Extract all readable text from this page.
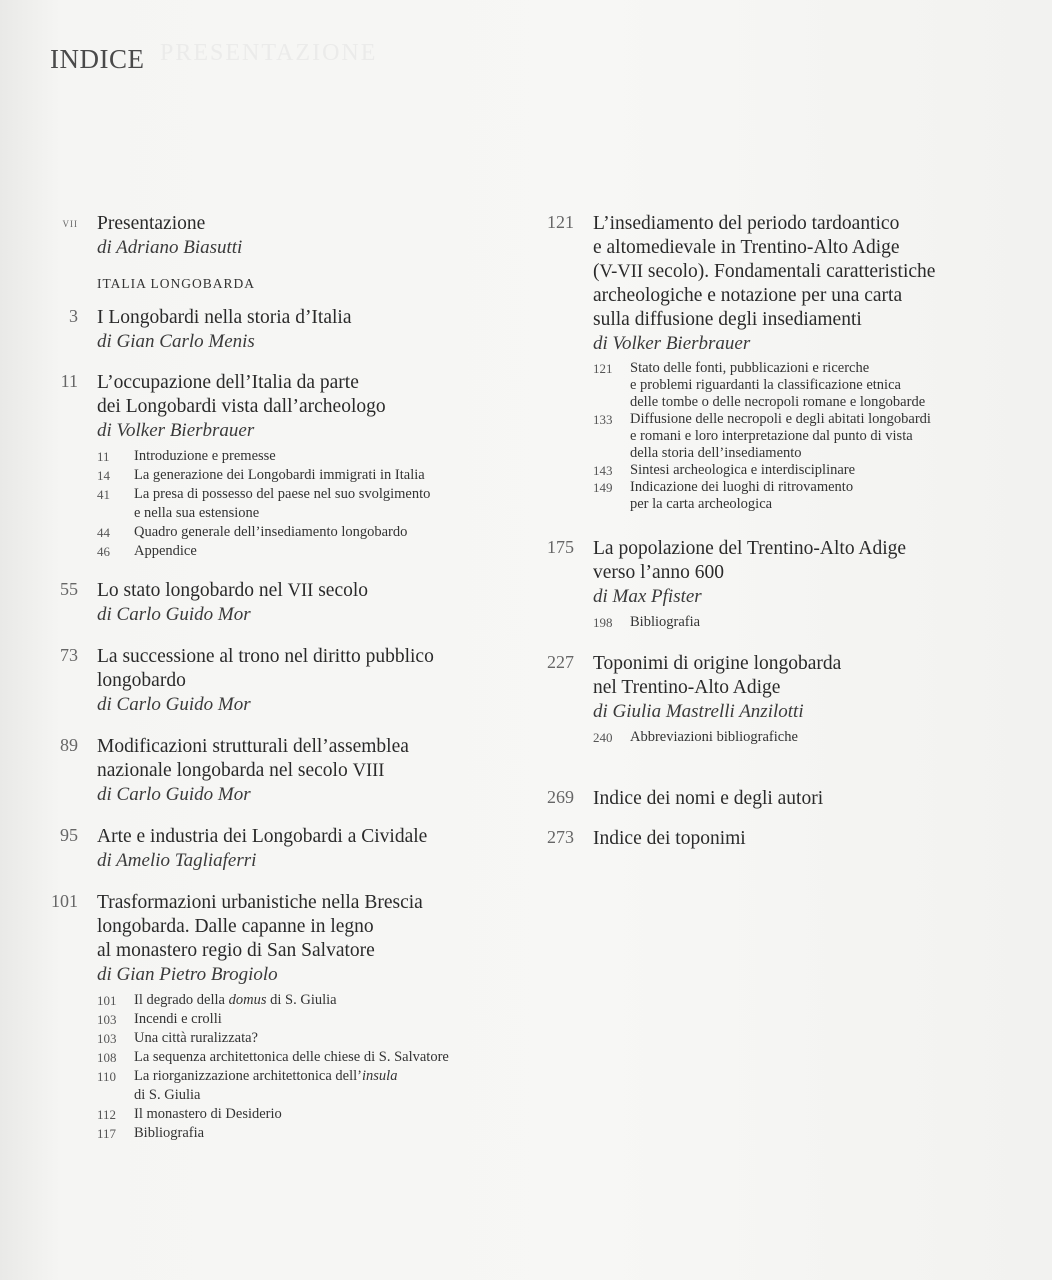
PRESENTAZIONE
INDICE
vii Presentazione
di Adriano Biasutti
ITALIA LONGOBARDA
3 I Longobardi nella storia d’Italia
di Gian Carlo Menis
11 L’occupazione dell’Italia da parte
dei Longobardi vista dall’archeologo
di Volker Bierbrauer
11	Introduzione e premesse
14	La generazione dei Longobardi immigrati in Italia
41	La presa di possesso del paese nel suo svolgimento
e nella sua estensione
44	Quadro generale dell’insediamento longobardo
46	Appendice
55 Lo stato longobardo nel VII secolo
di Carlo Guido Mor
73 La successione al trono nel diritto pubblico
longobardo
di Carlo Guido Mor
89 Modificazioni strutturali dell’assemblea
nazionale longobarda nel secolo VIII
di Carlo Guido Mor
95 Arte e industria dei Longobardi a Cividale
di Amelio Tagliaferri
101 Trasformazioni urbanistiche nella Brescia
longobarda. Dalle capanne in legno
al monastero regio di San Salvatore
di Gian Pietro Brogiolo
101	Il degrado della domus di S. Giulia
103	Incendi e crolli
103	Una città ruralizzata?
108	La sequenza architettonica delle chiese di S. Salvatore
110	La riorganizzazione architettonica dell’insula
di S. Giulia
112	Il monastero di Desiderio
117	Bibliografia
121 L’insediamento del periodo tardoantico
e altomedievale in Trentino-Alto Adige
(V-VII secolo). Fondamentali caratteristiche
archeologiche e notazione per una carta
sulla diffusione degli insediamenti
di Volker Bierbrauer
121	Stato delle fonti, pubblicazioni e ricerche
e problemi riguardanti la classificazione etnica
delle tombe o delle necropoli romane e longobarde
133	Diffusione delle necropoli e degli abitati longobardi
e romani e loro interpretazione dal punto di vista
della storia dell’insediamento
143	Sintesi archeologica e interdisciplinare
149	Indicazione dei luoghi di ritrovamento
per la carta archeologica
175 La popolazione del Trentino-Alto Adige
verso l’anno 600
di Max Pfister
198	Bibliografia
227 Toponimi di origine longobarda
nel Trentino-Alto Adige
di Giulia Mastrelli Anzilotti
240	Abbreviazioni bibliografiche
269 Indice dei nomi e degli autori
273 Indice dei toponimi
